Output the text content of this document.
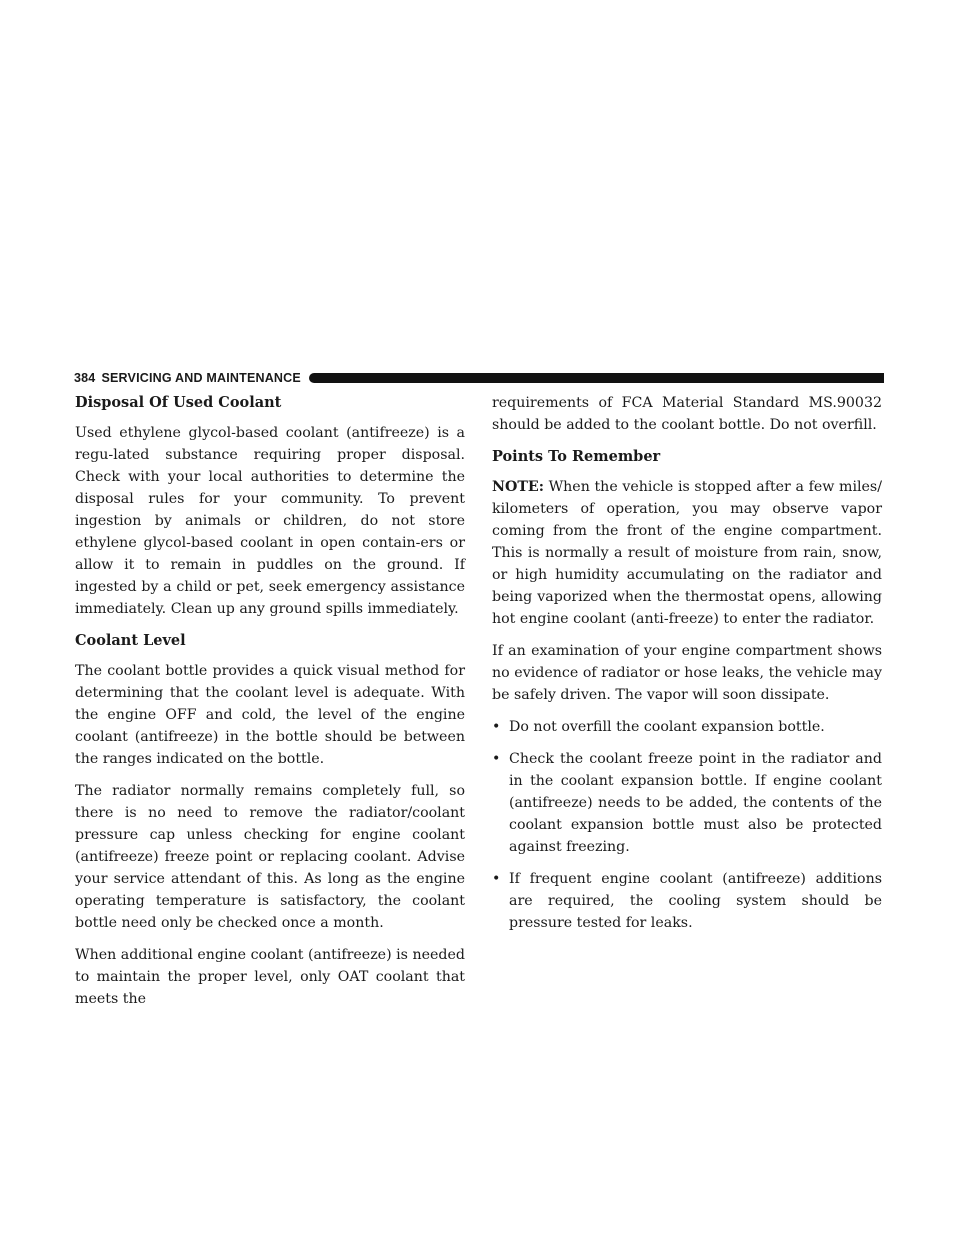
384 SERVICING AND MAINTENANCE
Disposal Of Used Coolant

Used ethylene glycol-based coolant (antifreeze) is a regu-lated substance requiring proper disposal. Check with your local authorities to determine the disposal rules for your community. To prevent ingestion by animals or children, do not store ethylene glycol-based coolant in open contain-ers or allow it to remain in puddles on the ground. If ingested by a child or pet, seek emergency assistance immediately. Clean up any ground spills immediately.

Coolant Level

The coolant bottle provides a quick visual method for determining that the coolant level is adequate. With the engine OFF and cold, the level of the engine coolant (antifreeze) in the bottle should be between the ranges indicated on the bottle.

The radiator normally remains completely full, so there is no need to remove the radiator/coolant pressure cap unless checking for engine coolant (antifreeze) freeze point or replacing coolant. Advise your service attendant of this. As long as the engine operating temperature is satisfactory, the coolant bottle need only be checked once a month.

When additional engine coolant (antifreeze) is needed to maintain the proper level, only OAT coolant that meets the

requirements of FCA Material Standard MS.90032 should be added to the coolant bottle. Do not overfill.

Points To Remember

NOTE: When the vehicle is stopped after a few miles/ kilometers of operation, you may observe vapor coming from the front of the engine compartment. This is normally a result of moisture from rain, snow, or high humidity accumulating on the radiator and being vaporized when the thermostat opens, allowing hot engine coolant (anti-freeze) to enter the radiator.

If an examination of your engine compartment shows no evidence of radiator or hose leaks, the vehicle may be safely driven. The vapor will soon dissipate.

• Do not overfill the coolant expansion bottle.
• Check the coolant freeze point in the radiator and in the coolant expansion bottle. If engine coolant (antifreeze) needs to be added, the contents of the coolant expansion bottle must also be protected against freezing.
• If frequent engine coolant (antifreeze) additions are required, the cooling system should be pressure tested for leaks.
